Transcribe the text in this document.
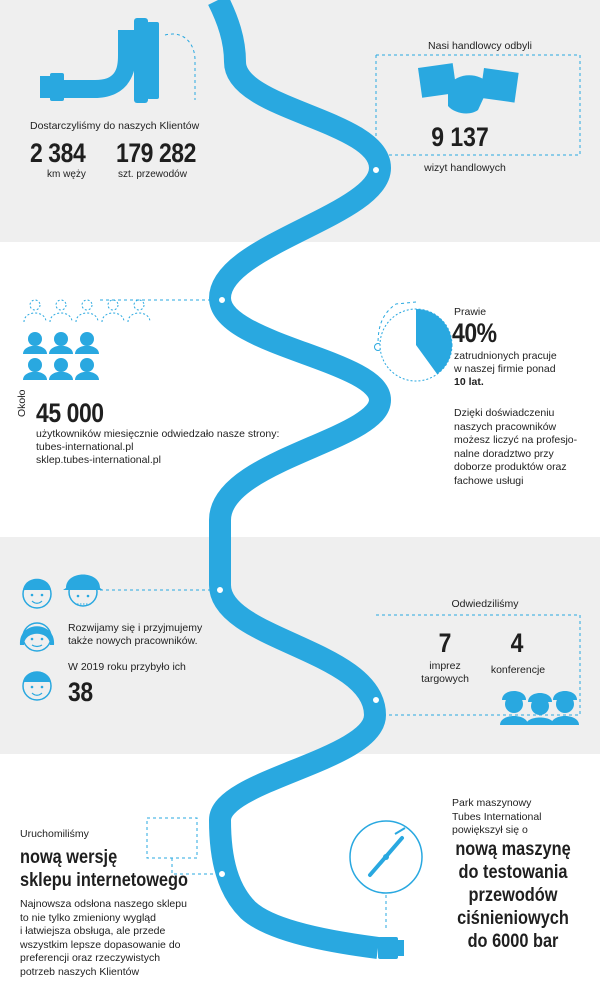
Dostarczyliśmy do naszych Klientów
2 384
km węży
179 282
szt. przewodów
Nasi handlowcy odbyli
9 137
wizyt handlowych
Około 45 000
użytkowników miesięcznie odwiedzało nasze strony:
tubes-international.pl
sklep.tubes-international.pl
Prawie
40%
zatrudnionych pracuje
w naszej firmie ponad
10 lat.
Dzięki doświadczeniu
naszych pracowników
możesz liczyć na profesjo-
nalne doradztwo przy
doborze produktów oraz
fachowe usługi
Rozwijamy się i przyjmujemy
także nowych pracowników.
W 2019 roku przybyło ich
38
Odwiedziliśmy
7
imprez
targowych
4
konferencje
Uruchomiliśmy
nową wersję
sklepu internetowego
Najnowsza odsłona naszego sklepu
to nie tylko zmieniony wygląd
i łatwiejsza obsługa, ale przede
wszystkim lepsze dopasowanie do
preferencji oraz rzeczywistych
potrzeb naszych Klientów
Park maszynowy
Tubes International
powiększył się o
nową maszynę
do testowania
przewodów
ciśnieniowych
do 6000 bar
